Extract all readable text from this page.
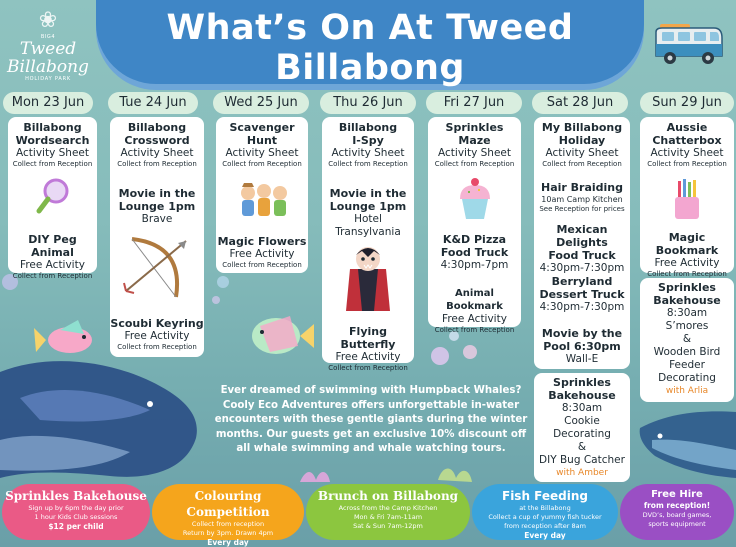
What’s On At Tweed Billabong
❀
BIG4
Tweed Billabong
HOLIDAY PARK
Mon 23 Jun	Tue 24 Jun	Wed 25 Jun	Thu 26 Jun	Fri 27 Jun	Sat 28 Jun	Sun 29 Jun
Billabong
Wordsearch
Activity Sheet
Collect from Reception
DIY Peg Animal
Free Activity
Collect from Reception
Billabong
Crossword
Activity Sheet
Collect from Reception
Movie in the
Lounge 1pm
Brave
Scoubi Keyring
Free Activity
Collect from Reception
Scavenger
Hunt
Activity Sheet
Collect from Reception
Magic Flowers
Free Activity
Collect from Reception
Billabong
I-Spy
Activity Sheet
Collect from Reception
Movie in the
Lounge 1pm
Hotel
Transylvania
Flying Butterfly
Free Activity
Collect from Reception
Sprinkles
Maze
Activity Sheet
Collect from Reception
K&D Pizza
Food Truck
4:30pm-7pm
Animal Bookmark
Free Activity
Collect from Reception
My Billabong
Holiday
Activity Sheet
Collect from Reception
Hair Braiding
10am Camp Kitchen
See Reception for prices
Mexican Delights
Food Truck
4:30pm-7:30pm
Berryland
Dessert Truck
4:30pm-7:30pm
Movie by the
Pool 6:30pm
Wall-E
Sprinkles
Bakehouse
8:30am
Cookie
Decorating
&
DIY Bug Catcher
with Amber
Aussie
Chatterbox
Activity Sheet
Collect from Reception
Magic Bookmark
Free Activity
Collect from Reception
Sprinkles
Bakehouse
8:30am
S’mores
&
Wooden Bird
Feeder
Decorating
with Arlia
Ever dreamed of swimming with Humpback Whales?
Cooly Eco Adventures offers unforgettable in-water
encounters with these gentle giants during the winter
months. Our guests get an exclusive 10% discount off
all whale swimming and whale watching tours.
Sprinkles Bakehouse
Sign up by 6pm the day prior
1 hour Kids Club sessions
$12 per child
Colouring Competition
Collect from reception
Return by 3pm. Drawn 4pm
Every day
Brunch on Billabong
Across from the Camp Kitchen
Mon & Fri 7am-11am
Sat & Sun 7am-12pm
Fish Feeding
at the Billabong
Collect a cup of yummy fish tucker
from reception after 8am
Every day
Free Hire
from reception!
DVD’s, board games,
sports equipment
